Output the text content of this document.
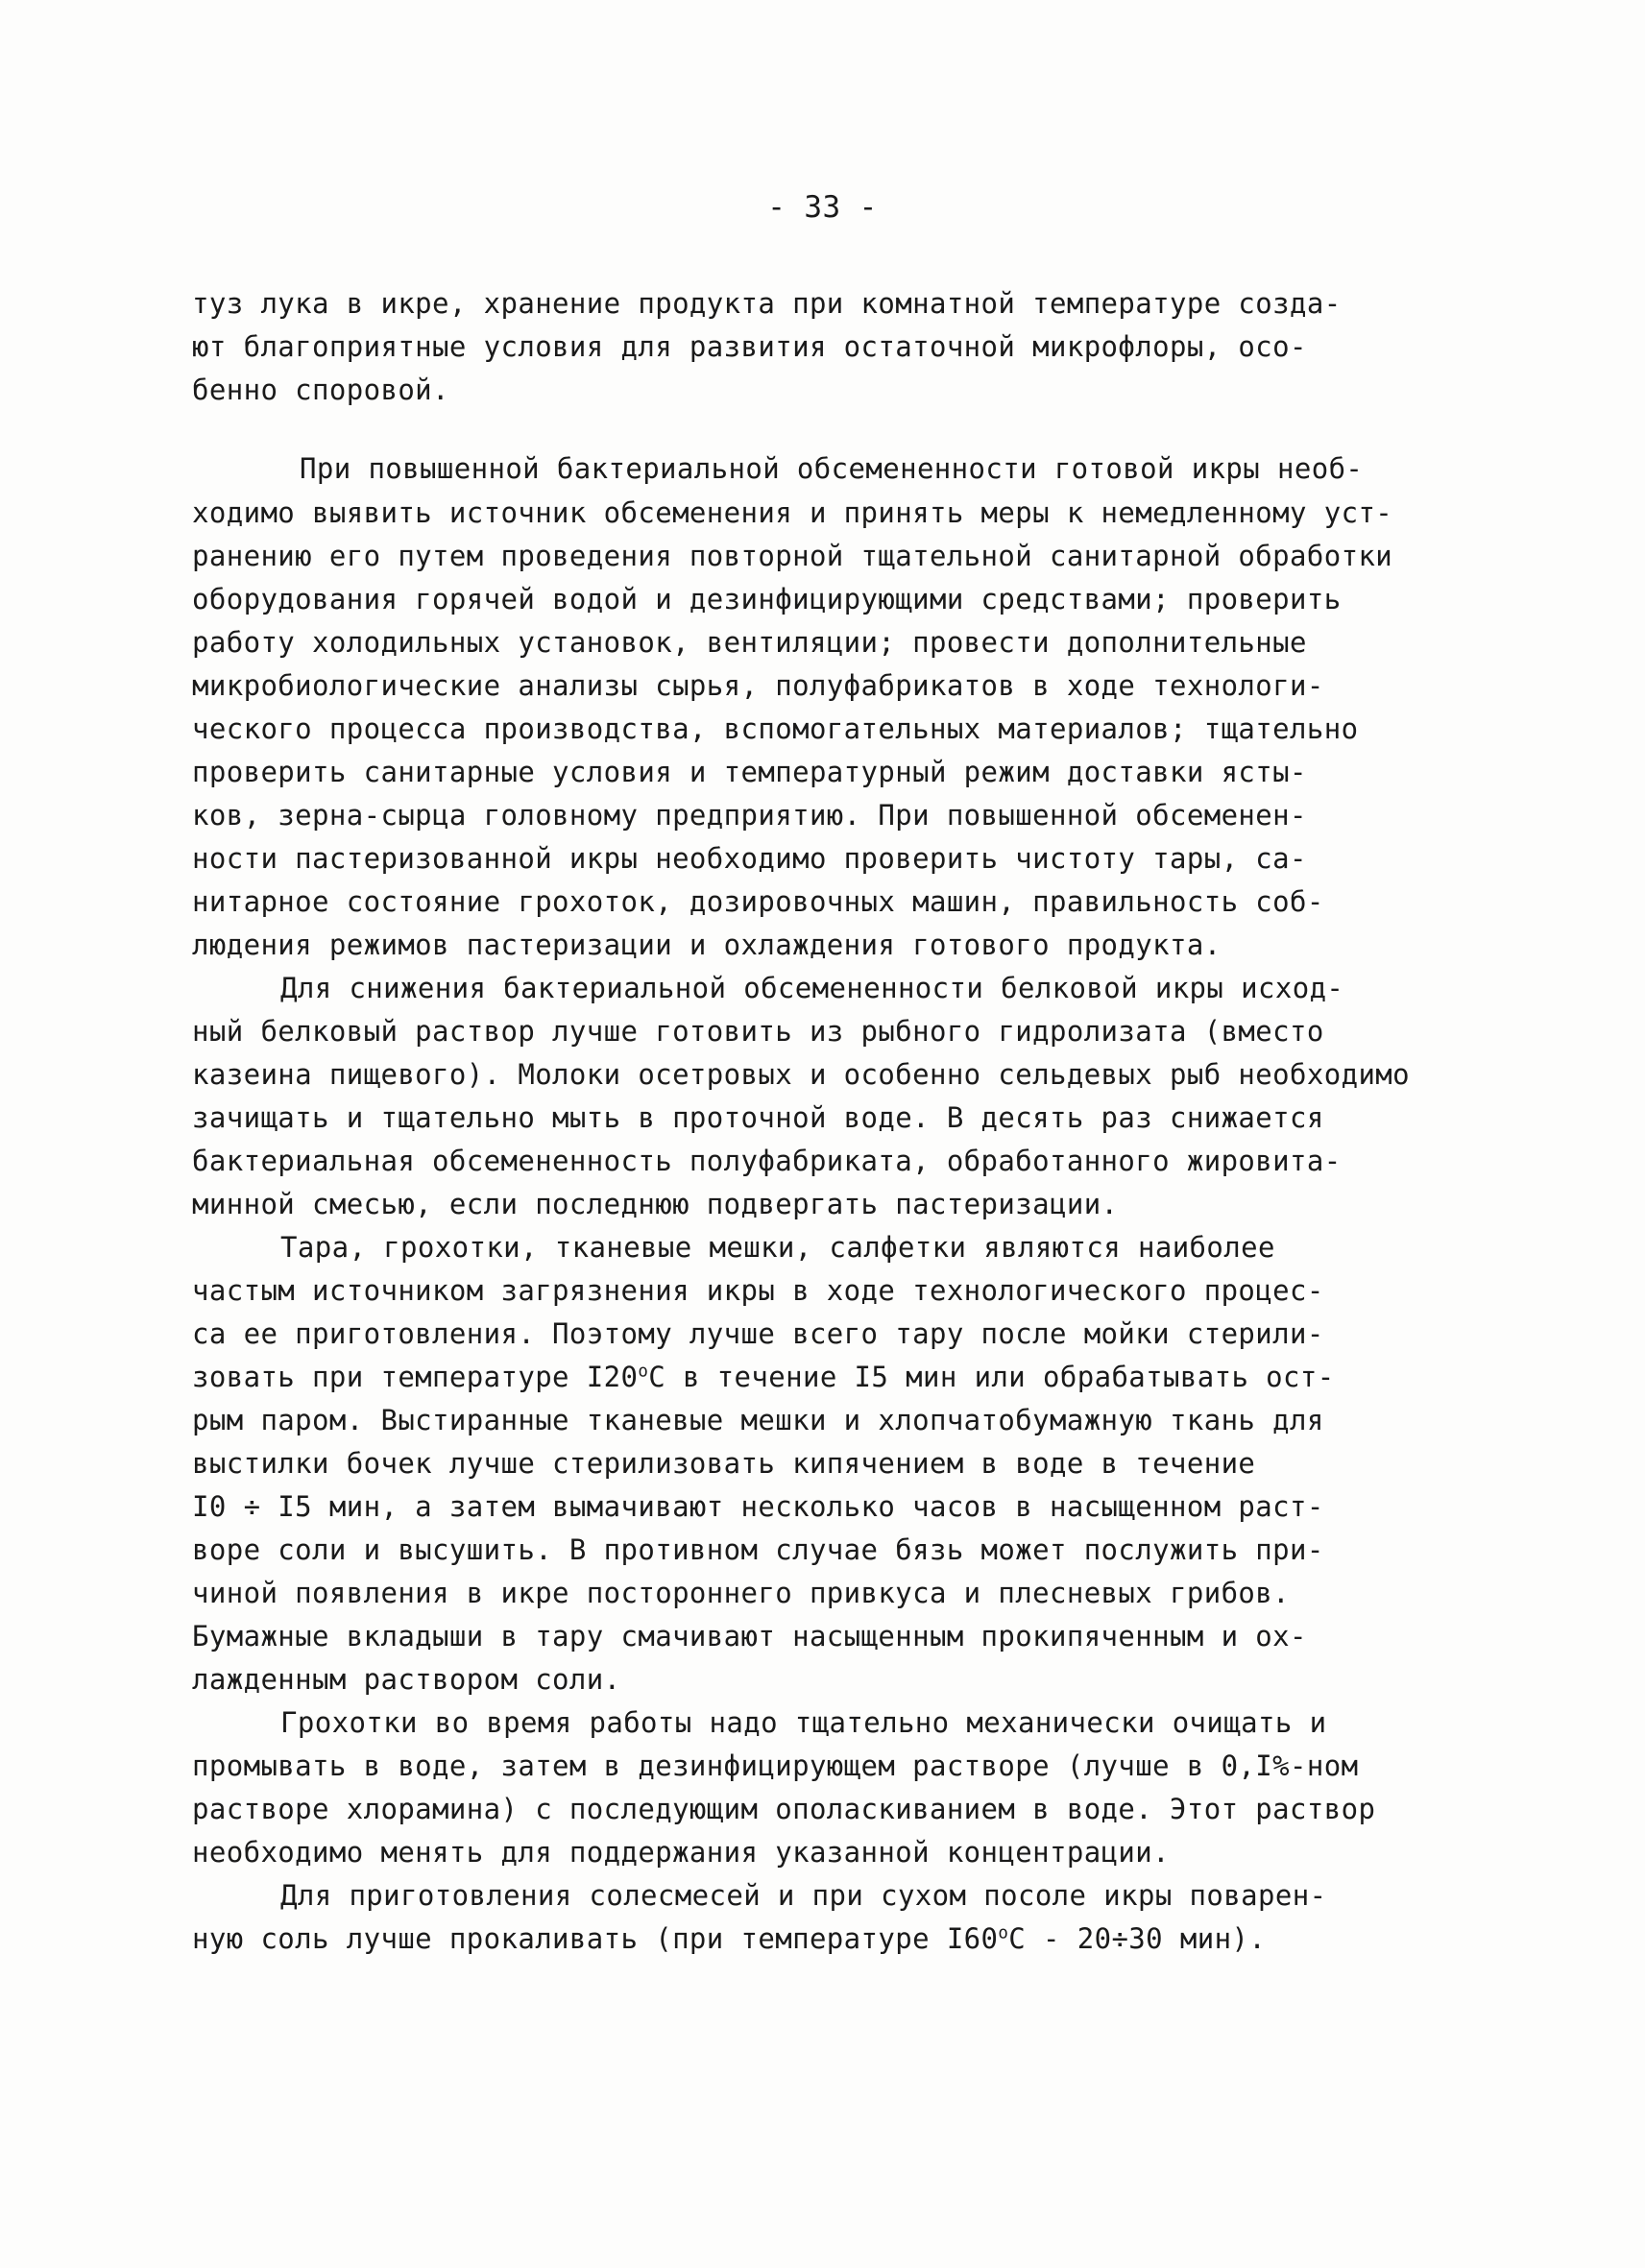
- 33 -
туз лука в икре, хранение продукта при комнатной температуре созда-
ют благоприятные условия для развития остаточной микрофлоры, осо-
бенно споровой.
При повышенной бактериальной обсемененности готовой икры необ-
ходимо выявить источник обсеменения и принять меры к немедленному уст-
ранению его путем проведения повторной тщательной санитарной обработки
оборудования горячей водой и дезинфицирующими средствами; проверить
работу холодильных установок, вентиляции; провести дополнительные
микробиологические анализы сырья, полуфабрикатов в ходе технологи-
ческого процесса производства, вспомогательных материалов; тщательно
проверить санитарные условия и температурный режим доставки ясты-
ков, зерна-сырца головному предприятию. При повышенной обсеменен-
ности пастеризованной икры необходимо проверить чистоту тары, са-
нитарное состояние грохоток, дозировочных машин, правильность соб-
людения режимов пастеризации и охлаждения готового продукта.
Для снижения бактериальной обсемененности белковой икры исход-
ный белковый раствор лучше готовить из рыбного гидролизата (вместо
казеина пищевого). Молоки осетровых и особенно сельдевых рыб необходимо
зачищать и тщательно мыть в проточной воде. В десять раз снижается
бактериальная обсемененность полуфабриката, обработанного жировита-
минной смесью, если последнюю подвергать пастеризации.
Тара, грохотки, тканевые мешки, салфетки являются наиболее
частым источником загрязнения икры в ходе технологического процес-
са ее приготовления. Поэтому лучше всего тару после мойки стерили-
зовать при температуре I20$^o$C в течение I5 мин или обрабатывать ост-
рым паром. Выстиранные тканевые мешки и хлопчатобумажную ткань для
выстилки бочек лучше стерилизовать кипячением в воде в течение
I0 ÷ I5 мин, а затем вымачивают несколько часов в насыщенном раст-
воре соли и высушить. В противном случае бязь может послужить при-
чиной появления в икре постороннего привкуса и плесневых грибов.
Бумажные вкладыши в тару смачивают насыщенным прокипяченным и ох-
лажденным раствором соли.
Грохотки во время работы надо тщательно механически очищать и
промывать в воде, затем в дезинфицирующем растворе (лучше в 0,I%-ном
растворе хлорамина) с последующим ополаскиванием в воде. Этот раствор
необходимо менять для поддержания указанной концентрации.
Для приготовления солесмесей и при сухом посоле икры поварен-
ную соль лучше прокаливать (при температуре I60$^o$C - 20÷30 мин).
